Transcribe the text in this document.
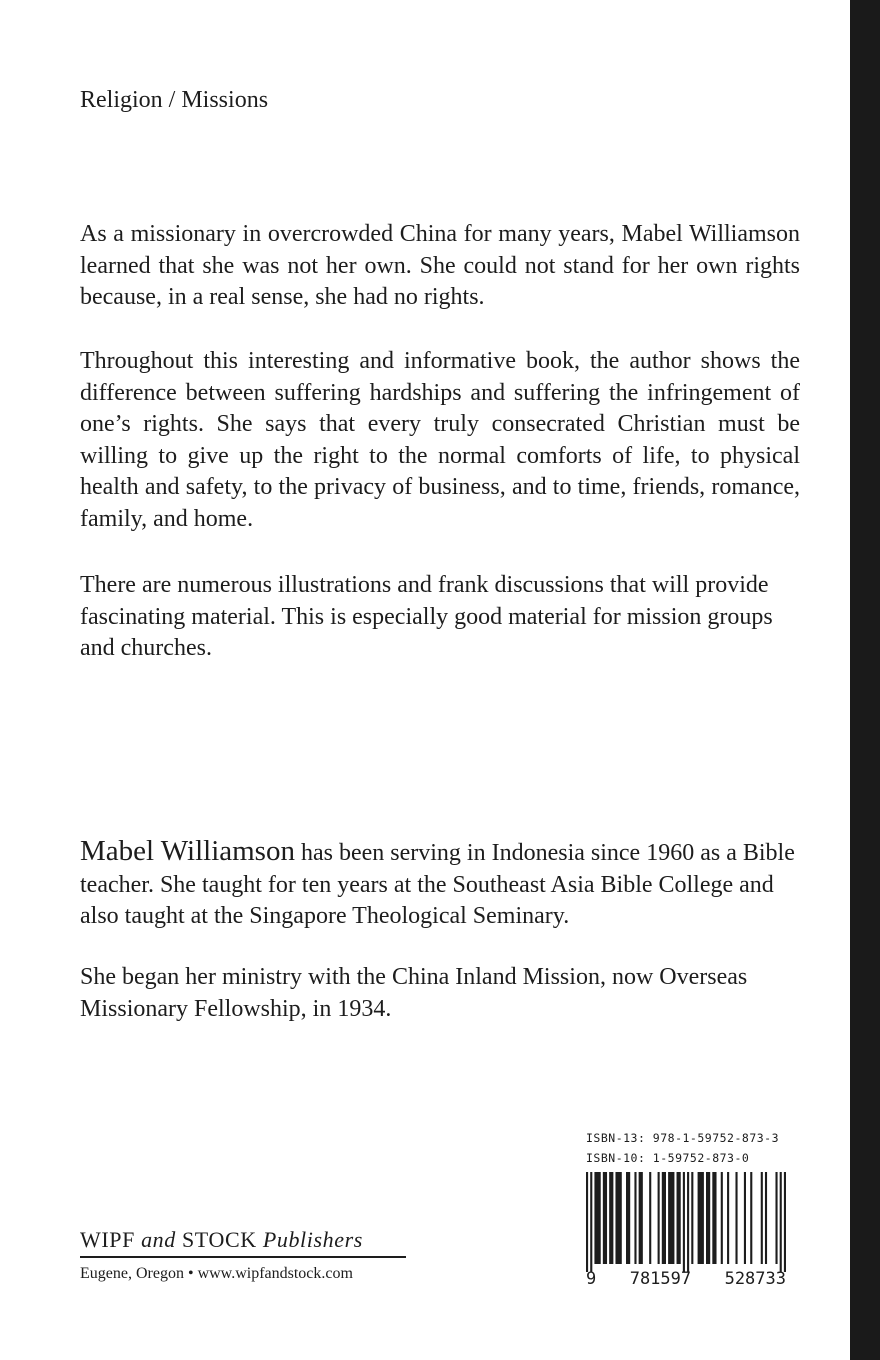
Religion / Missions

As a missionary in overcrowded China for many years, Mabel Williamson learned that she was not her own. She could not stand for her own rights because, in a real sense, she had no rights.

Throughout this interesting and informative book, the author shows the difference between suffering hardships and suffering the infringement of one’s rights. She says that every truly consecrated Christian must be willing to give up the right to the normal comforts of life, to physical health and safety, to the privacy of business, and to time, friends, romance, family, and home.

There are numerous illustrations and frank discussions that will provide fascinating material. This is especially good material for mission groups and churches.

Mabel Williamson has been serving in Indonesia since 1960 as a Bible teacher. She taught for ten years at the Southeast Asia Bible College and also taught at the Singapore Theological Seminary.

She began her ministry with the China Inland Mission, now Overseas Missionary Fellowship, in 1934.

WIPF and STOCK Publishers
Eugene, Oregon • www.wipfandstock.com
ISBN-13: 978-1-59752-873-3
ISBN-10: 1-59752-873-0
9 781597 528733
